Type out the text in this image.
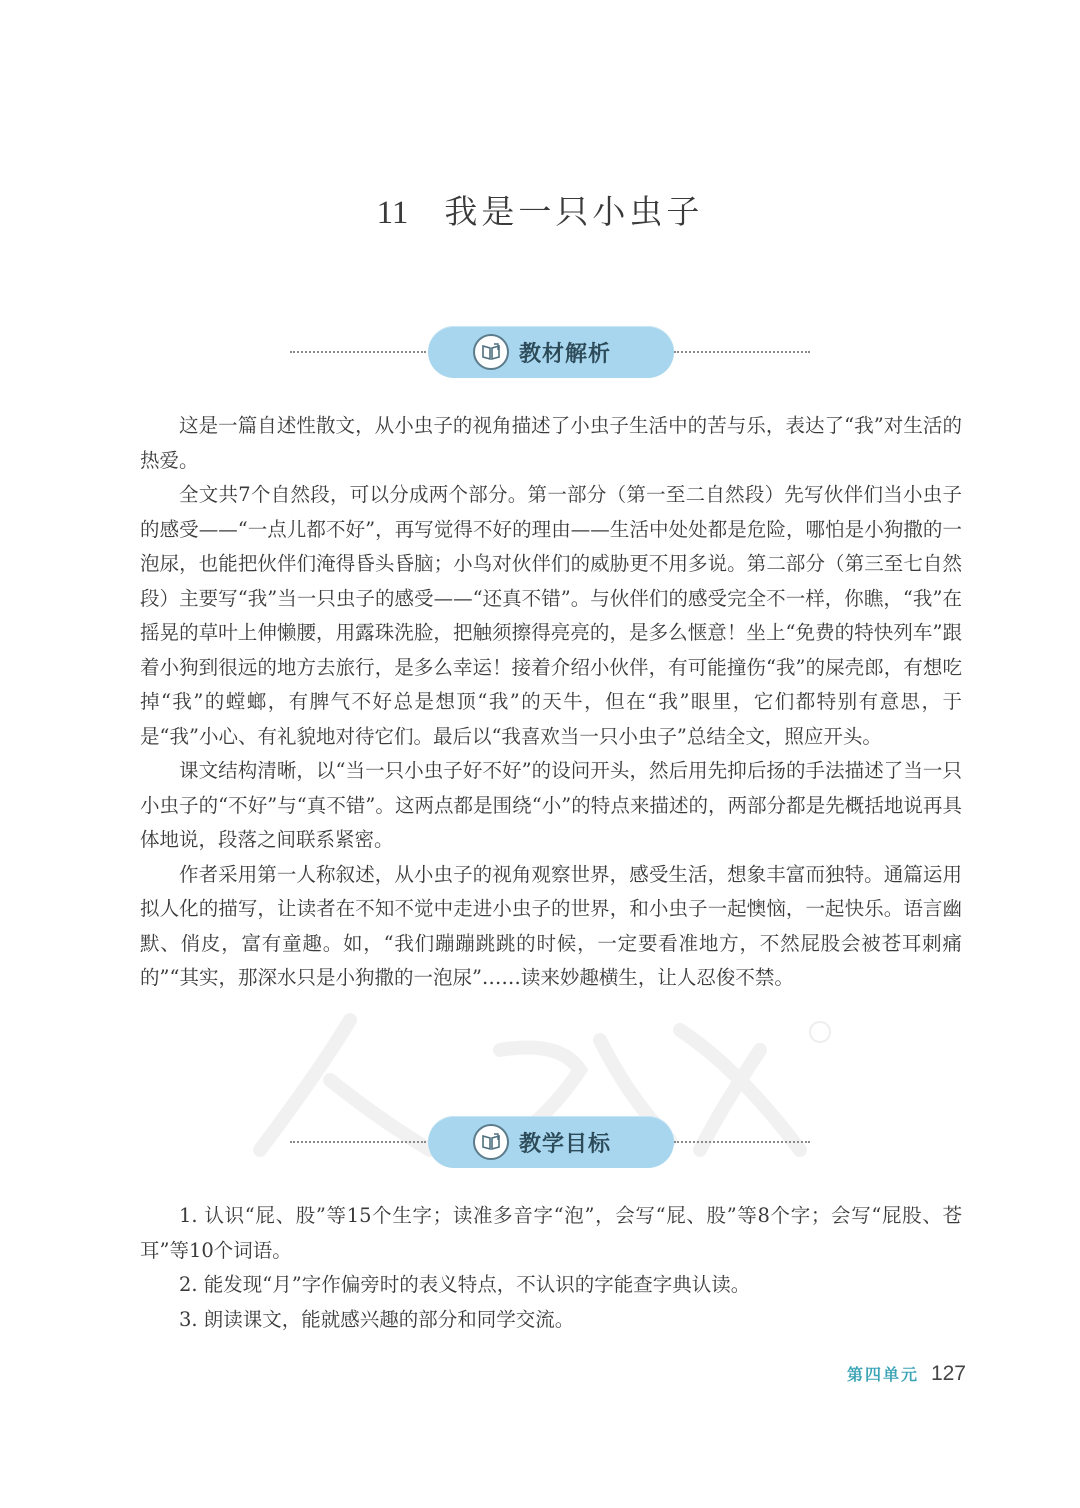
11 我是一只小虫子
教材解析

这是一篇自述性散文，从小虫子的视角描述了小虫子生活中的苦与乐，表达了“我”对生活的热爱。

全文共7个自然段，可以分成两个部分。第一部分（第一至二自然段）先写伙伴们当小虫子的感受——“一点儿都不好”，再写觉得不好的理由——生活中处处都是危险，哪怕是小狗撒的一泡尿，也能把伙伴们淹得昏头昏脑；小鸟对伙伴们的威胁更不用多说。第二部分（第三至七自然段）主要写“我”当一只虫子的感受——“还真不错”。与伙伴们的感受完全不一样，你瞧，“我”在摇晃的草叶上伸懒腰，用露珠洗脸，把触须擦得亮亮的，是多么惬意！坐上“免费的特快列车”跟着小狗到很远的地方去旅行，是多么幸运！接着介绍小伙伴，有可能撞伤“我”的屎壳郎，有想吃掉“我”的螳螂，有脾气不好总是想顶“我”的天牛，但在“我”眼里，它们都特别有意思，于是“我”小心、有礼貌地对待它们。最后以“我喜欢当一只小虫子”总结全文，照应开头。

课文结构清晰，以“当一只小虫子好不好”的设问开头，然后用先抑后扬的手法描述了当一只小虫子的“不好”与“真不错”。这两点都是围绕“小”的特点来描述的，两部分都是先概括地说再具体地说，段落之间联系紧密。

作者采用第一人称叙述，从小虫子的视角观察世界，感受生活，想象丰富而独特。通篇运用拟人化的描写，让读者在不知不觉中走进小虫子的世界，和小虫子一起懊恼，一起快乐。语言幽默、俏皮，富有童趣。如，“我们蹦蹦跳跳的时候，一定要看准地方，不然屁股会被苍耳刺痛的”“其实，那深水只是小狗撒的一泡尿”……读来妙趣横生，让人忍俊不禁。

教学目标

1. 认识“屁、股”等15个生字；读准多音字“泡”，会写“屁、股”等8个字；会写“屁股、苍耳”等10个词语。

2. 能发现“月”字作偏旁时的表义特点，不认识的字能查字典认读。

3. 朗读课文，能就感兴趣的部分和同学交流。

第四单元 127
